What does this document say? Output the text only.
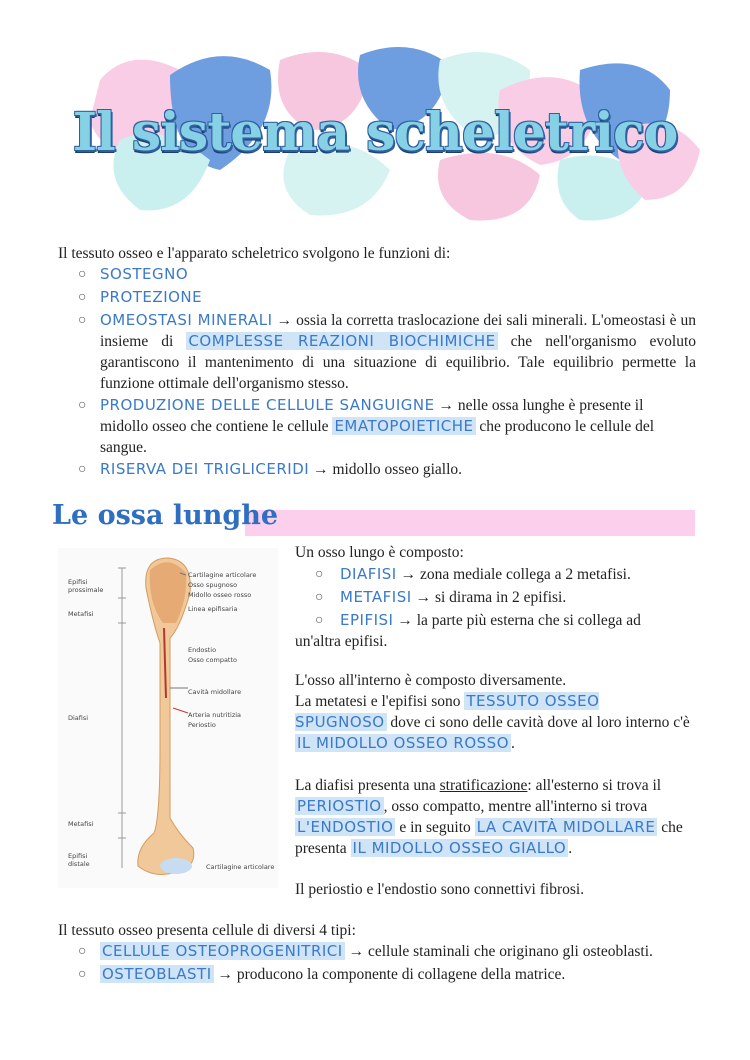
Il sistema scheletrico
Il tessuto osseo e l'apparato scheletrico svolgono le funzioni di:
○ SOSTEGNO
○ PROTEZIONE
○ OMEOSTASI MINERALI → ossia la corretta traslocazione dei sali minerali. L'omeostasi è un insieme di COMPLESSE REAZIONI BIOCHIMICHE che nell'organismo evoluto garantiscono il mantenimento di una situazione di equilibrio. Tale equilibrio permette la funzione ottimale dell'organismo stesso.
○ PRODUZIONE DELLE CELLULE SANGUIGNE → nelle ossa lunghe è presente il midollo osseo che contiene le cellule EMATOPOIETICHE che producono le cellule del sangue.
○ RISERVA DEI TRIGLICERIDI → midollo osseo giallo.
Le ossa lunghe
Epifisi prossimale
Metafisi
Diafisi
Metafisi
Epifisi distale
Cartilagine articolare
Osso spugnoso
Midollo osseo rosso
Linea epifisaria
Endostio
Osso compatto
Cavità midollare
Arteria nutritizia
Periostio
Cartilagine articolare
Un osso lungo è composto:
○ DIAFISI → zona mediale collega a 2 metafisi.
○ METAFISI → si dirama in 2 epifisi.
○	EPIFISI → la parte più esterna che si collega ad un'altra epifisi.
L'osso all'interno è composto diversamente.
La metatesi e l'epifisi sono TESSUTO OSSEO SPUGNOSO dove ci sono delle cavità dove al loro interno c'è IL MIDOLLO OSSEO ROSSO .
La diafisi presenta una stratificazione: all'esterno si trova il PERIOSTIO , osso compatto, mentre all'interno si trova L'ENDOSTIO e in seguito LA CAVITÀ MIDOLLARE che presenta IL MIDOLLO OSSEO GIALLO .
Il periostio e l'endostio sono connettivi fibrosi.
Il tessuto osseo presenta cellule di diversi 4 tipi:
○ CELLULE OSTEOPROGENITRICI → cellule staminali che originano gli osteoblasti.
○ OSTEOBLASTI → producono la componente di collagene della matrice.
